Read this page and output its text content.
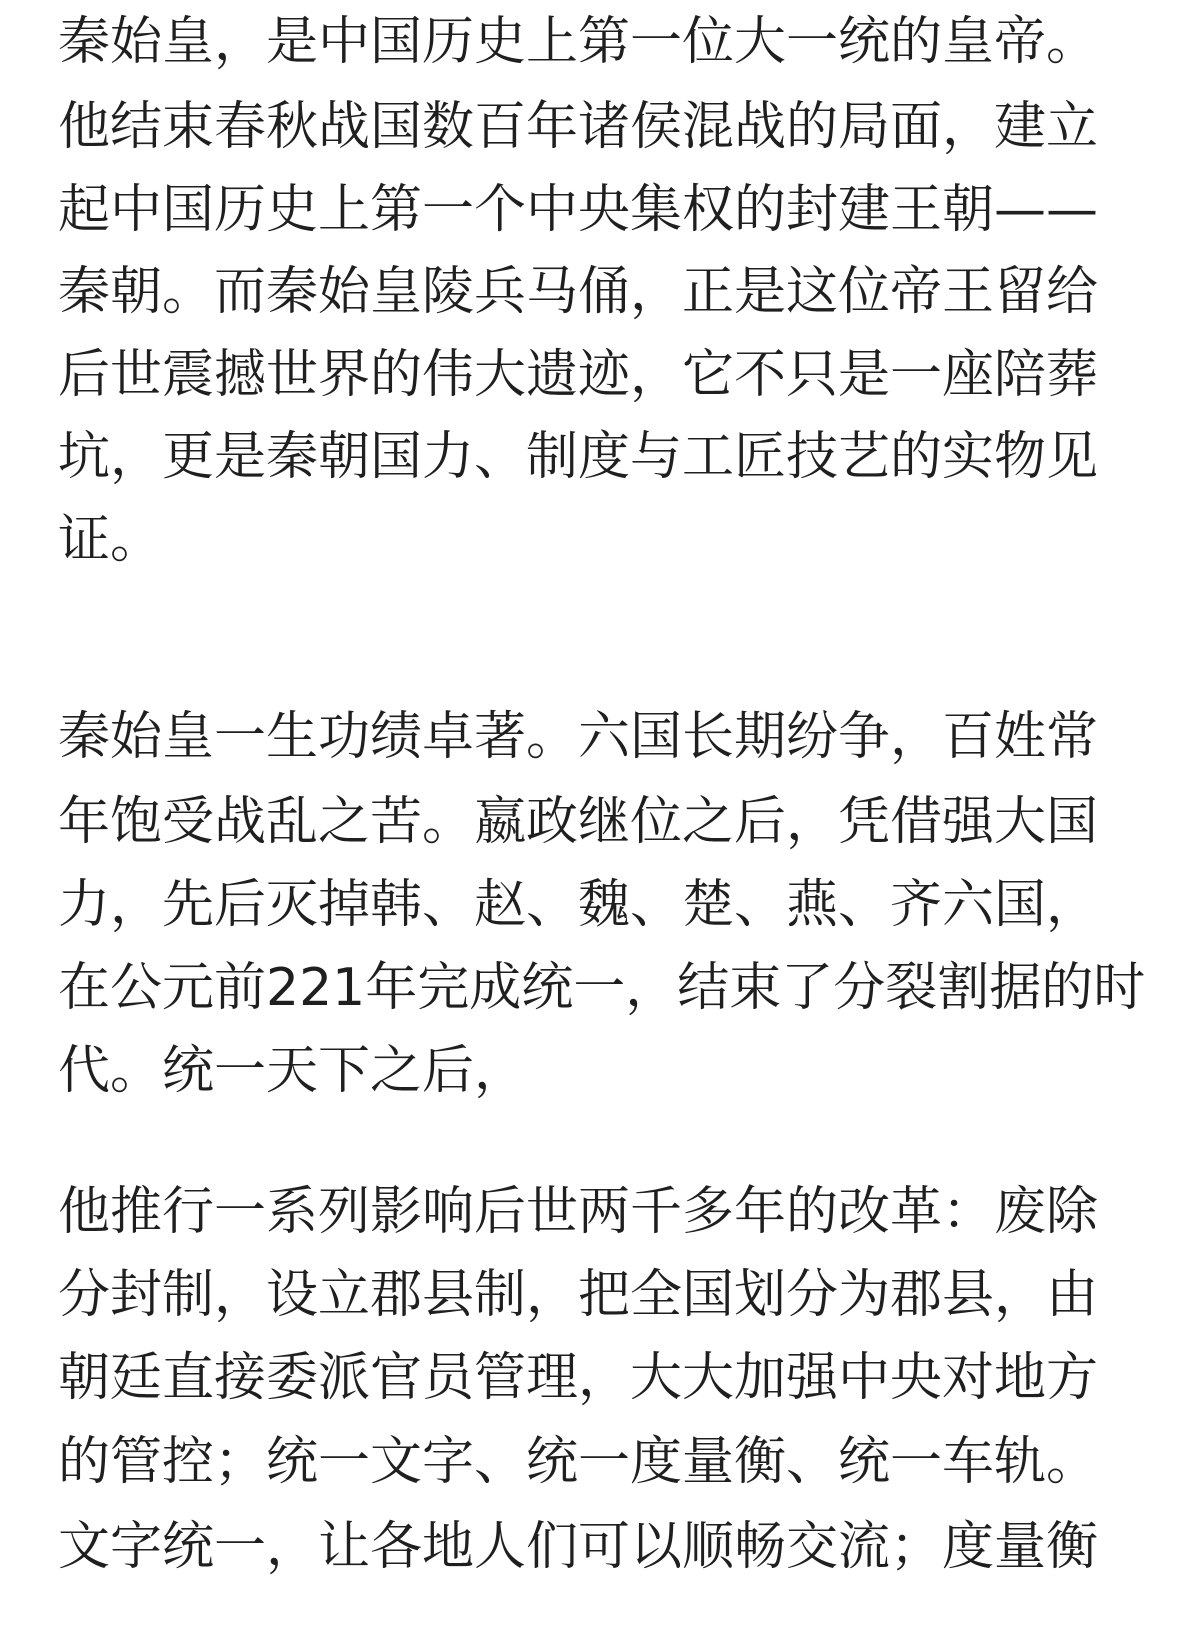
秦始皇，是中国历史上第一位大一统的皇帝。

他结束春秋战国数百年诸侯混战的局面，建立

起中国历史上第一个中央集权的封建王朝——

秦朝。而秦始皇陵兵马俑，正是这位帝王留给

后世震撼世界的伟大遗迹，它不只是一座陪葬

坑，更是秦朝国力、制度与工匠技艺的实物见

证。

秦始皇一生功绩卓著。六国长期纷争，百姓常

年饱受战乱之苦。嬴政继位之后，凭借强大国

力，先后灭掉韩、赵、魏、楚、燕、齐六国，

在公元前221年完成统一，结束了分裂割据的时

代。统一天下之后，

他推行一系列影响后世两千多年的改革：废除

分封制，设立郡县制，把全国划分为郡县，由

朝廷直接委派官员管理，大大加强中央对地方

的管控；统一文字、统一度量衡、统一车轨。

文字统一，让各地人们可以顺畅交流；度量衡
